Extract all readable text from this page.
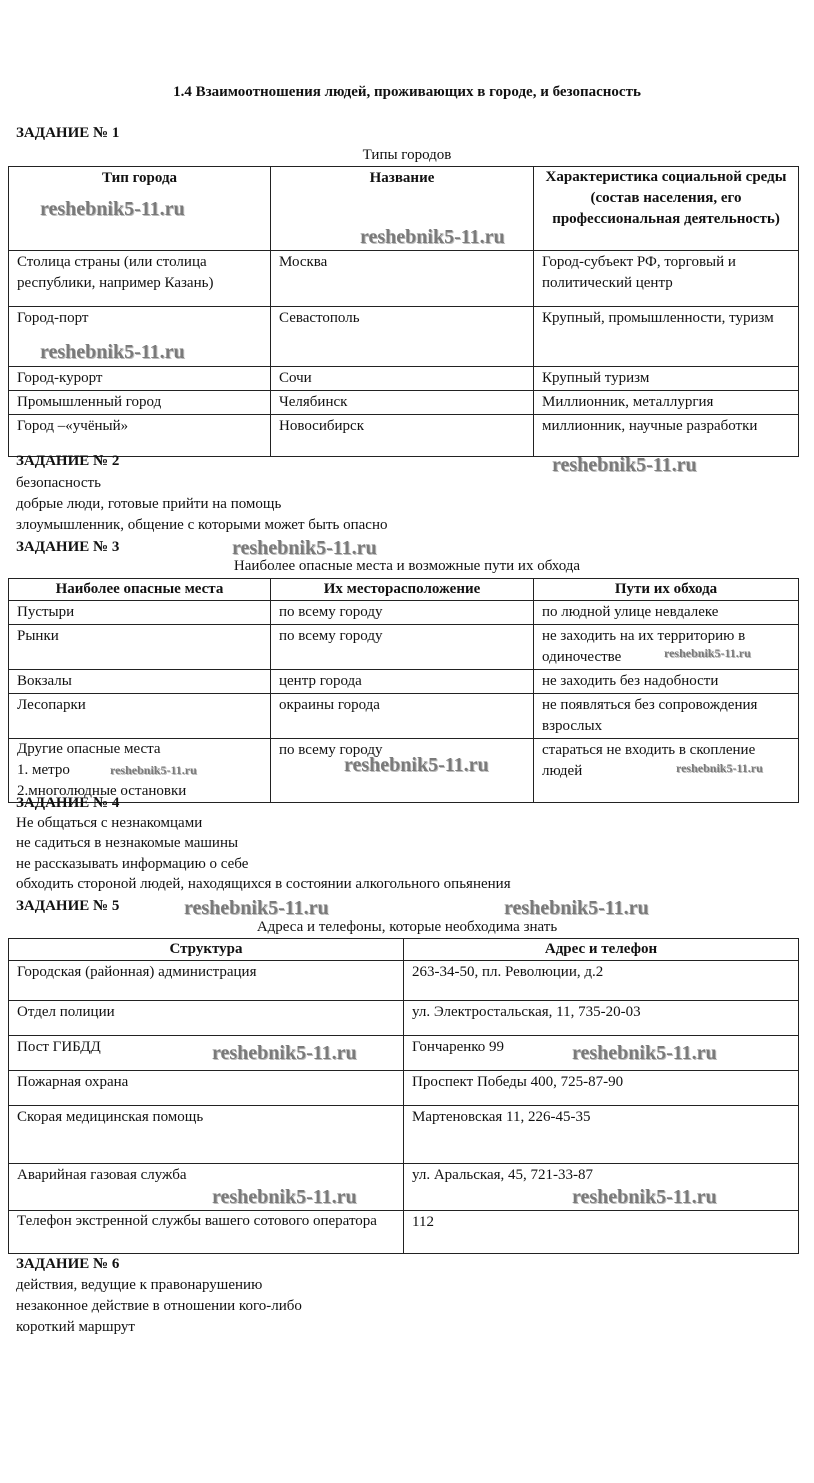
1.4 Взаимоотношения людей, проживающих в городе, и безопасность
ЗАДАНИЕ № 1
Типы городов
Тип города	Название	Характеристика социальной среды (состав населения, его профессиональная деятельность)
Столица страны (или столица республики, например Казань)	Москва	Город-субъект РФ, торговый и политический центр
Город-порт	Севастополь	Крупный, промышленности, туризм
Город-курорт	Сочи	Крупный туризм
Промышленный город	Челябинск	Миллионник, металлургия
Город –«учёный»	Новосибирск	миллионник, научные разработки
ЗАДАНИЕ № 2
безопасность
добрые люди, готовые прийти на помощь
злоумышленник, общение с которыми может быть опасно
ЗАДАНИЕ № 3
Наиболее опасные места и возможные пути их обхода
Наиболее опасные места	Их месторасположение	Пути их обхода
Пустыри	по всему городу	по людной улице невдалеке
Рынки	по всему городу	не заходить на их территорию в одиночестве
Вокзалы	центр города	не заходить без надобности
Лесопарки	окраины города	не появляться без сопровождения взрослых
Другие опасные места
1. метро
2.многолюдные остановки	по всему городу	стараться не входить в скопление людей
ЗАДАНИЕ № 4
Не общаться с незнакомцами
не садиться в незнакомые машины
не рассказывать информацию о себе
обходить стороной людей, находящихся в состоянии алкогольного опьянения
ЗАДАНИЕ № 5
Адреса и телефоны, которые необходима знать
Структура	Адрес и телефон
Городская (районная) администрация	263-34-50, пл. Революции, д.2
Отдел полиции	ул. Электростальская, 11, 735-20-03
Пост ГИБДД	Гончаренко 99
Пожарная охрана	Проспект Победы 400, 725-87-90
Скорая медицинская помощь	Мартеновская 11, 226-45-35
Аварийная газовая служба	ул. Аральская, 45, 721-33-87
Телефон экстренной службы вашего сотового оператора	112
ЗАДАНИЕ № 6
действия, ведущие к правонарушению
незаконное действие в отношении кого-либо
короткий маршрут
reshebnik5-11.ru
reshebnik5-11.ru
reshebnik5-11.ru
reshebnik5-11.ru
reshebnik5-11.ru
reshebnik5-11.ru
reshebnik5-11.ru	reshebnik5-11.ru	reshebnik5-11.ru
reshebnik5-11.ru	reshebnik5-11.ru
reshebnik5-11.ru	reshebnik5-11.ru
reshebnik5-11.ru	reshebnik5-11.ru
